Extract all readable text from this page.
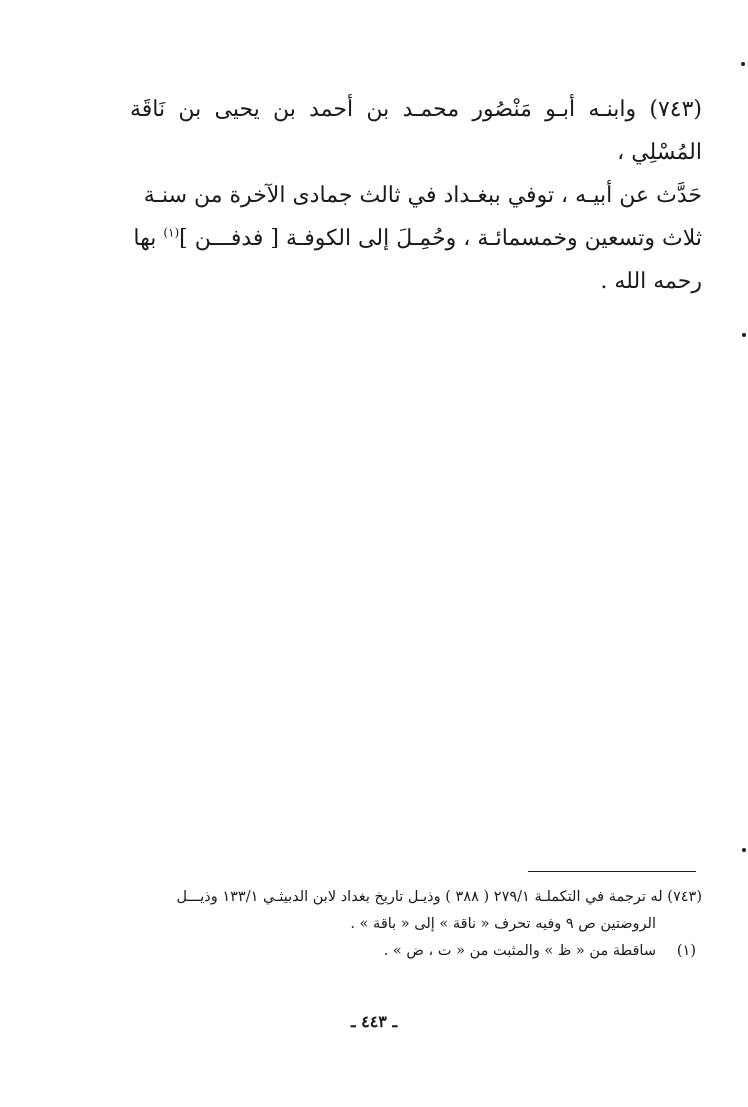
(٧٤٣) وابنـه أبـو مَنْصُور محمـد بن أحمد بن يحيى بن نَاقَة المُسْلِي ،

حَدَّث عن أبيـه ، توفي ببغـداد في ثالث جمادى الآخرة من سنـة

ثلاث وتسعين وخمسمائـة ، وحُمِـلَ إلى الكوفـة [ فدفـــن ]$^{(١)}$ بها

رحمه الله .

(٧٤٣) له ترجمة في التكملـة ٢٧٩/١ ( ٣٨٨ ) وذيـل تاريخ بغداد لابن الدبيثـي ١٣٣/١ وذيـــل

الروضتين ص ٩ وفيه تحرف « ناقة » إلى « باقة » .

(١)ساقطة من « ظ » والمثبت من « ت ، ض » .

ـ ٤٤٣ ـ
